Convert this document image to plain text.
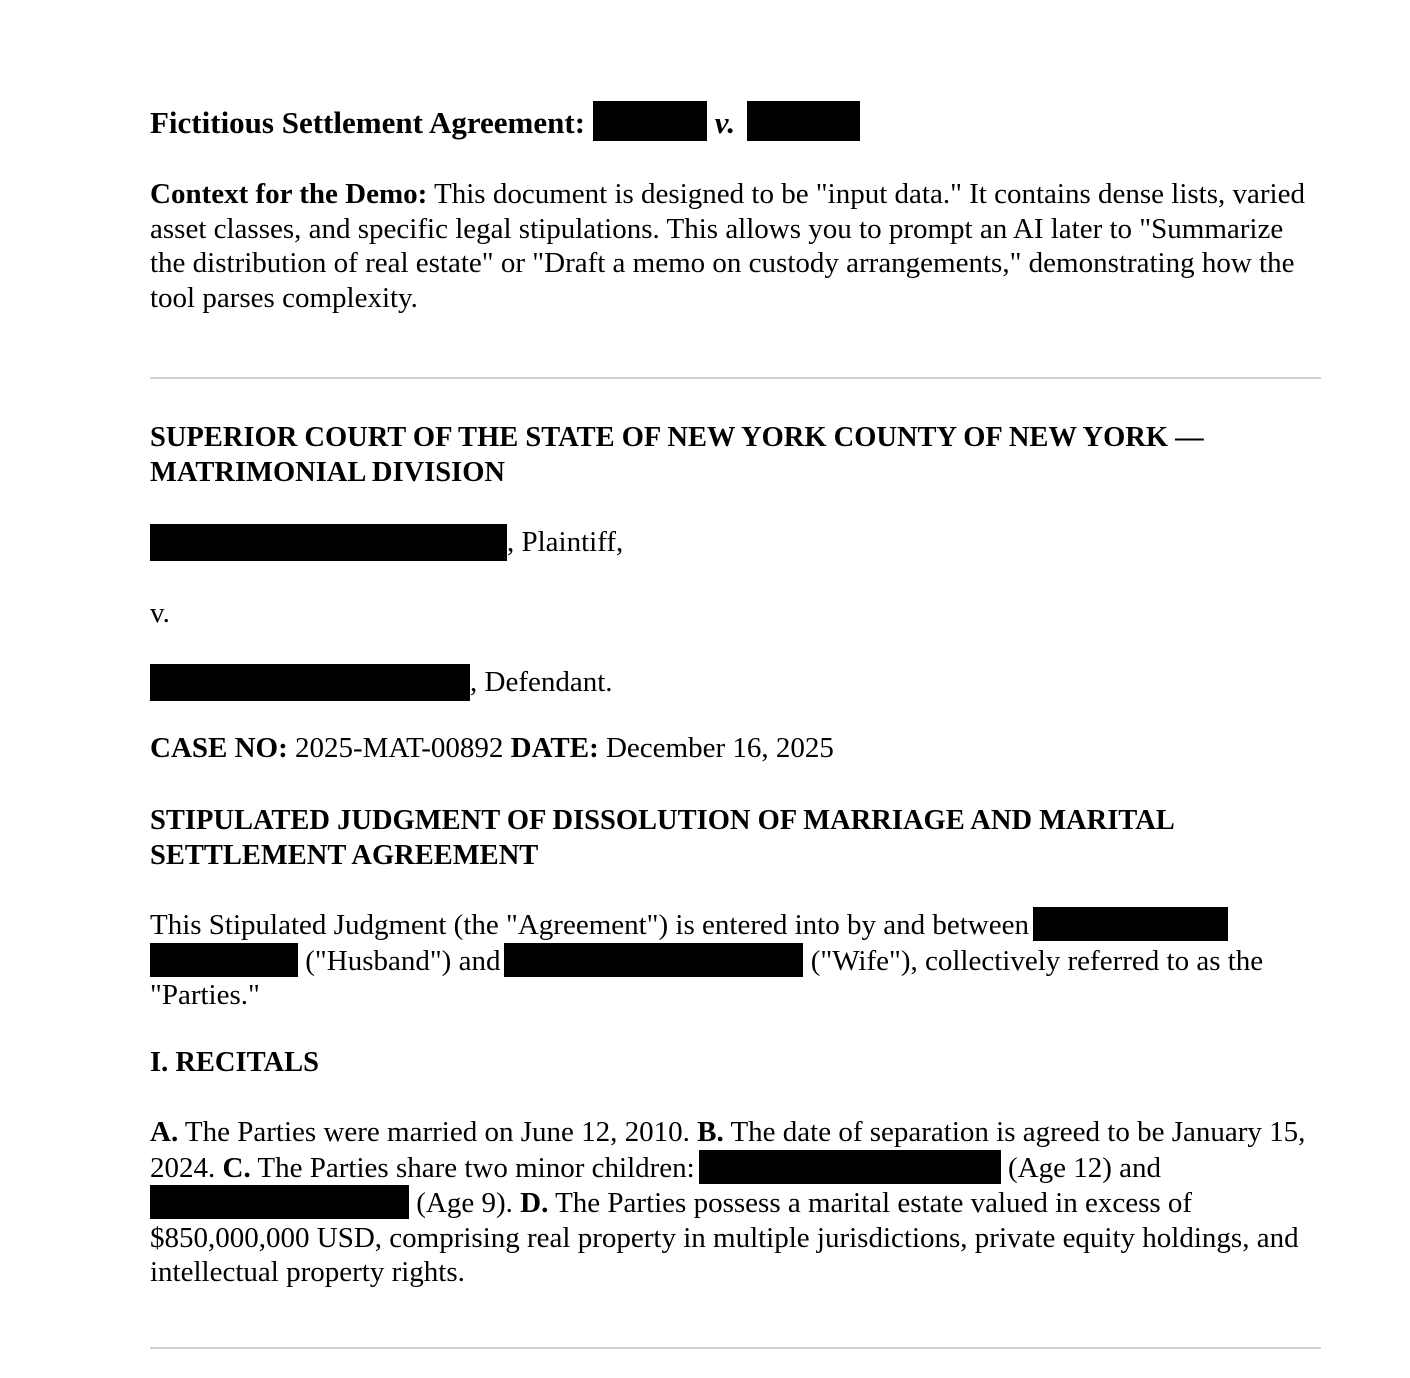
Fictitious Settlement Agreement:	v.

Context for the Demo: This document is designed to be "input data." It contains dense lists, varied asset classes, and specific legal stipulations. This allows you to prompt an AI later to "Summarize the distribution of real estate" or "Draft a memo on custody arrangements," demonstrating how the tool parses complexity.

SUPERIOR COURT OF THE STATE OF NEW YORK COUNTY OF NEW YORK — MATRIMONIAL DIVISION
, Plaintiff,
v.
, Defendant.

CASE NO: 2025-MAT-00892 DATE: December 16, 2025

STIPULATED JUDGMENT OF DISSOLUTION OF MARRIAGE AND MARITAL SETTLEMENT AGREEMENT

This Stipulated Judgment (the "Agreement") is entered into by and between  ("Husband") and	("Wife"), collectively referred to as the "Parties."

I. RECITALS

A. The Parties were married on June 12, 2010. B. The date of separation is agreed to be January 15, 2024. C. The Parties share two minor children:	(Age 12) and  (Age 9). D. The Parties possess a marital estate valued in excess of $850,000,000 USD, comprising real property in multiple jurisdictions, private equity holdings, and intellectual property rights.
